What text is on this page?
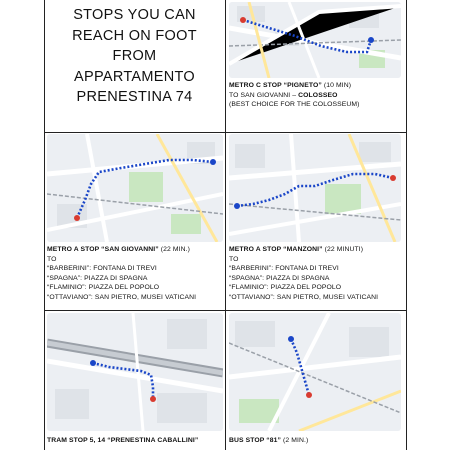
STOPS YOU CAN
REACH ON FOOT
FROM
APPARTAMENTO
PRENESTINA 74
METRO C STOP “PIGNETO” (10 MIN)
TO SAN GIOVANNI – COLOSSEO
(BEST CHOICE FOR THE COLOSSEUM)
METRO A STOP “SAN GIOVANNI” (22 MIN.)
TO
“BARBERINI”: FONTANA DI TREVI
“SPAGNA”: PIAZZA DI SPAGNA
“FLAMINIO”: PIAZZA DEL POPOLO
“OTTAVIANO”: SAN PIETRO, MUSEI VATICANI
METRO A STOP “MANZONI” (22 MINUTI)
TO
“BARBERINI”: FONTANA DI TREVI
“SPAGNA”: PIAZZA DI SPAGNA
“FLAMINIO”: PIAZZA DEL POPOLO
“OTTAVIANO”: SAN PIETRO, MUSEI VATICANI
TRAM STOP 5, 14 “PRENESTINA CABALLINI”	BUS STOP “81” (2 MIN.)
